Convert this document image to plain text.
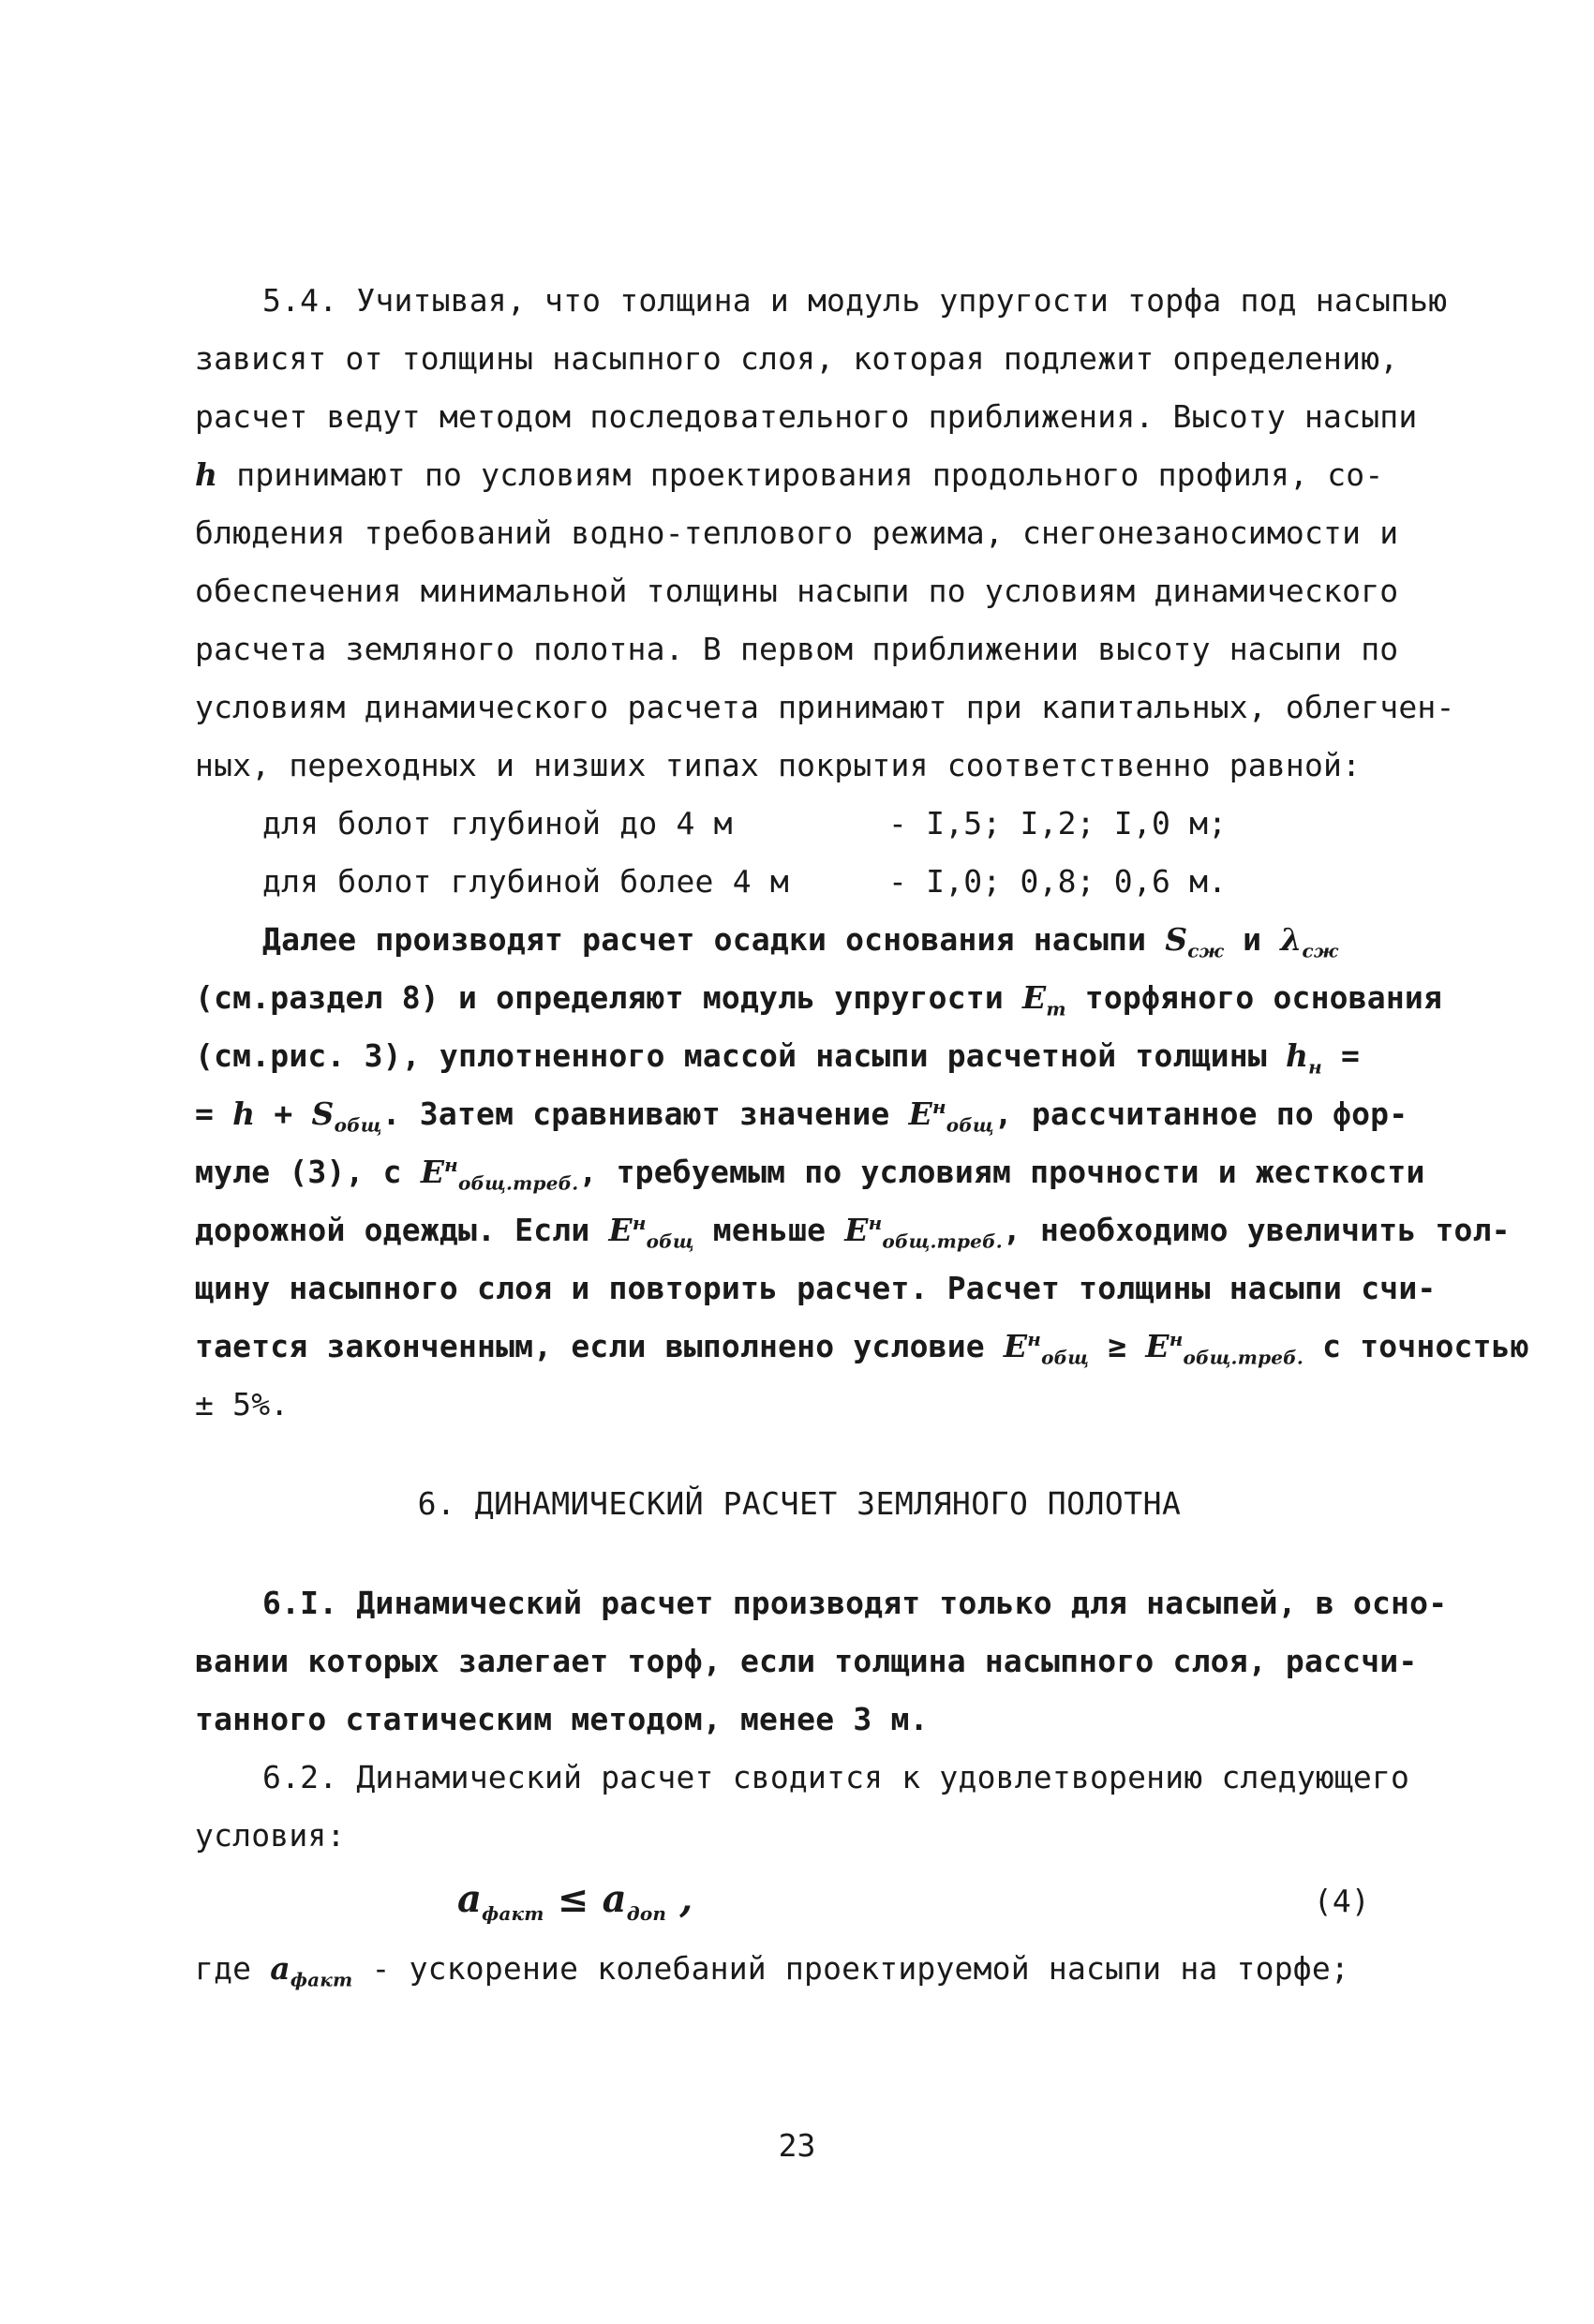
5.4. Учитывая, что толщина и модуль упругости торфа под насыпью
зависят от толщины насыпного слоя, которая подлежит определению,
расчет ведут методом последовательного приближения. Высоту насыпи
h принимают по условиям проектирования продольного профиля, со-
блюдения требований водно-теплового режима, снегонезаносимости и
обеспечения минимальной толщины насыпи по условиям динамического
расчета земляного полотна. В первом приближении высоту насыпи по
условиям динамического расчета принимают при капитальных, облегчен-
ных, переходных и низших типах покрытия соответственно равной:
для болот глубиной до 4 м	- I,5; I,2; I,0 м;
для болот глубиной более 4 м	- I,0; 0,8; 0,6 м.
Далее производят расчет осадки основания насыпи $S_{сж}$ и $\lambda_{сж}$
(см.раздел 8) и определяют модуль упругости $E_т$ торфяного основания
(см.рис. 3), уплотненного массой насыпи расчетной толщины $h_н$ =
= $h + S_{общ}$. Затем сравнивают значение $E^н_{общ}$, рассчитанное по фор-
муле (3), с $E^н_{общ.треб.}$, требуемым по условиям прочности и жесткости
дорожной одежды. Если $E^н_{общ}$ меньше $E^н_{общ.треб.}$, необходимо увеличить тол-
щину насыпного слоя и повторить расчет. Расчет толщины насыпи счи-
тается законченным, если выполнено условие $E^н_{общ} \ge E^н_{общ.треб.}$ с точностью
± 5%.
6. ДИНАМИЧЕСКИЙ РАСЧЕТ ЗЕМЛЯНОГО ПОЛОТНА
6.I. Динамический расчет производят только для насыпей, в осно-
вании которых залегает торф, если толщина насыпного слоя, рассчи-
танного статическим методом, менее 3 м.
6.2. Динамический расчет сводится к удовлетворению следующего
условия:
$a_{факт} \le a_{доп}$ ,	(4)
где $a_{факт}$ - ускорение колебаний проектируемой насыпи на торфе;
23
